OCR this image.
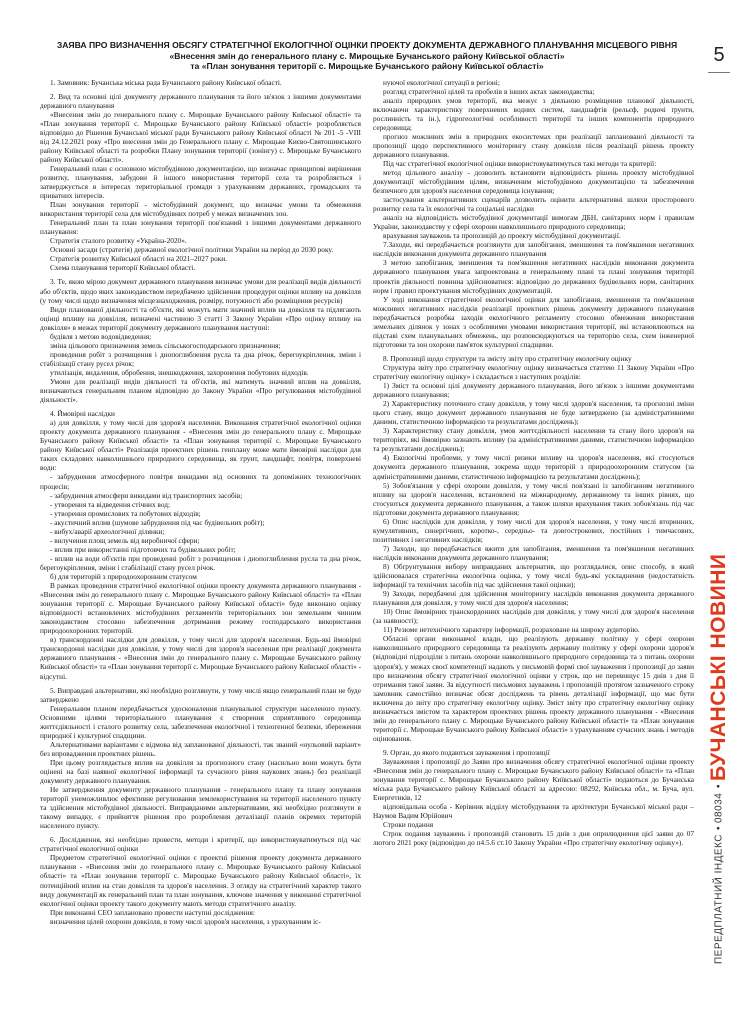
5
ПЕРЕДПЛАТНИЙ ІНДЕКС
•
08034
•
БУЧАНСЬКІ НОВИНИ
ЗАЯВА ПРО ВИЗНАЧЕННЯ ОБСЯГУ СТРАТЕГІЧНОЇ ЕКОЛОГІЧНОЇ ОЦІНКИ ПРОЕКТУ ДОКУМЕНТА ДЕРЖАВНОГО ПЛАНУВАННЯ МІСЦЕВОГО РІВНЯ
«Внесення змін до генерального плану с. Мирощьке Бучанського району Київської області»
та «План зонування території с. Мирощьке Бучанського району Київської області»

1. Замовник: Бучанська міська рада Бучанського району Київської області.

2. Вид та основні цілі документу державного планування та його зв'язок з іншими документами державного планування

«Внесення змін до генерального плану с. Мирощьке Бучанського району Київської області» та «План зонування території с. Мирощьке Бучанського району Київської області» розробляється відповідно до Рішення Бучанської міської ради Бучанського району Київської області № 201 -5 -VIII від 24.12.2021 року «Про внесення змін до Генерального плану с. Мирощьке Києво-Святошинського району Київської області та розробки Плану зонування території (зонінгу) с. Мирощьке Бучанського району Київської області».

Генеральний план є основною містобудівною документацією, що визначає принципові вирішення розвитку, планування, забудови й іншого використання території села та розробляється і затверджується в інтересах територіальної громади з урахуванням державних, громадських та приватних інтересів.

План зонування території - містобудівний документ, що визначає умови та обмеження використання території села для містобудівних потреб у межах визначених зон.

Генеральний план та план зонування території пов'язаний з іншими документами державного планування:

Стратегія сталого розвитку «Україна-2020».

Основні засади (стратегія) державної екологічної політики України на період до 2030 року.

Стратегія розвитку Київської області на 2021–2027 роки.

Схема планування території Київської області.

3. Те, якою мірою документ державного планування визначає умови для реалізації видів діяльності або об'єктів, щодо яких законодавством передбачено здійснення процедури оцінки впливу на довкілля (у тому числі щодо визначення місцезнаходження, розміру, потужності або розміщення ресурсів)

Види планованої діяльності та об'єкти, які можуть мати значний вплив на довкілля та підлягають оцінці впливу на довкілля, визначені частиною 3 статті 3 Закону України «Про оцінку впливу на довкілля» в межах території документу державного планування наступні:

будівля з метою водовідведення;

зміна цільового призначення земель сільськогосподарського призначення;

проведення робіт з розчищення і днопоглиблення русла та дна річок, берегоукріплення, зміни і стабілізації стану русел річок;

утилізація, видалення, обробення, знешкодження, захоронення побутових відходів.

Умови для реалізації видів діяльності та об'єктів, які матимуть значний вплив на довкілля, визначаються генеральним планом відповідно до Закону України «Про регулювання містобудівної діяльності».

4. Ймовірні наслідки

а) для довкілля, у тому числі для здоров'я населення. Виконання стратегічної екологічної оцінки проекту документа державного планування - «Внесення змін до генерального плану с. Мирощьке Бучанського району Київської області» та «План зонування території с. Мирощьке Бучанського району Київської області» Реалізація проектних рішень генплану може мати ймовірні наслідки для таких складових навколишнього природного середовища, як грунт, ландшафт, повітря, поверхневі води:

- забруднення атмосферного повітря викидами від основних та допоміжних технологічних процесів;

- забруднення атмосфери викидами від транспортних засобів;

- утворення та відведення стічних вод;

- утворення промислових та побутових відходів;

- акустичний вплив (шумове забруднення під час будівельних робіт);

- вибух/аварії археологічної ділянки;

- вилучення площ земель від виробничої сфери;

- вплив при використанні підготовчих та будівельних робіт;

- вплив на води об'єктів при проведенні робіт з розчищення і днопоглиблення русла та дна річок, берегоукріплення, зміни і стабілізації стану русел річок.

б) для територій з природоохоронним статусом

В рамках проведення стратегічної екологічної оцінки проекту документа державного планування - «Внесення змін до генерального плану с. Мирощьке Бучанського району Київської області» та «План зонування території с. Мирощьке Бучанського району Київської області» буде виконано оцінку відповідності встановлених містобудівних регламентів територіальних зон земельним чинним законодавством стосовно забезпечення дотримання режиму господарського використання природоохоронних територій.

в) транскордонні наслідки для довкілля, у тому числі для здоров'я населення. Будь-які ймовірні транскордонні наслідки для довкілля, у тому числі для здоров'я населення при реалізації документа державного планування - «Внесення змін до генерального плану с. Мирощьке Бучанського району Київської області» та «План зонування території с. Мирощьке Бучанського району Київської області» - відсутні.

5. Виправдані альтернативи, які необхідно розглянути, у тому числі якщо генеральний план не буде затверджено

Генеральним планом передбачається удосконалення планувальної структури населеного пункту. Основними цілями територіального планування є створення сприятливого середовища життєдіяльності і сталого розвитку села, забезпечення екологічної і техногенної безпеки, збереження природної і культурної спадщини.

Альтернативами варіантами є відмова від запланованої діяльності, так званий «нульовий варіант» без впровадження проектних рішень.

При цьому розглядається вплив на довкілля за прогнозного стану (насильно вони можуть бути оцінені на базі наявної екологічної інформації та сучасного рівня наукових знань) без реалізації документу державного планування.

Не затвердження документу державного планування - генерального плану та плану зонування території унеможливлює ефективне регулювання землекористування на території населеного пункту та здійснення містобудівної діяльності. Виправданими альтернативами, які необхідно розглянути в такому випадку, є прийняття рішення про розроблення деталізації планів окремих територій населеного пункту.

6. Дослідження, які необхідно провести, методи і критерії, що використовуватимуться під час стратегічної екологічної оцінки

Предметом стратегічної екологічної оцінки є проектні рішення проекту документа державного планування - «Внесення змін до генерального плану с. Мирощьке Бучанського району Київської області» та «План зонування території с. Мирощьке Бучанського району Київської області», їх потенційний вплив на стан довкілля та здоров'я населення. З огляду на стратегічний характер такого виду документації як генеральний план та план зонування, ключове значення у виконанні стратегічної екологічної оцінки проекту такого документу мають методи стратегічного аналізу.

При виконанні СЕО заплановано провести наступні дослідження:

визначення цілей охорони довкілля, в тому числі здоров'я населення, з урахуванням іс-

нуючої екологічної ситуації в регіоні;

розгляд стратегічної цілей та пробелів в інших актах законодавства;

аналіз природних умов території, яка межує з діяльною розміщення планової діяльності, включаючи характеристику поверхневих водних систем, ландшафтів (рельєф, родючі ґрунти, рослинність та ін.), гідрогеологічні особливості території та інших компонентів природного середовища;

прогноз можливих змін в природних екосистемах при реалізації запланованої діяльності та пропозиції щодо перспективного моніторингу стану довкілля після реалізації рішень проекту державного планування.

Під час стратегічної екологічної оцінки використовуватимуться такі методи та критерії:

метод цільового аналізу - дозволить встановити відповідність рішень проекту містобудівної документації містобудівним цілям, визначеним містобудівною документацією та забезпечення безпечного для здоров'я населення середовища існування;

застосування альтернативних сценаріїв дозволить оцінити альтернативні шляхи просторового розвитку села та їх екологічні та соціальні наслідки

аналіз на відповідність містобудівної документації вимогам ДБН, санітарних норм і правилам України, законодавству у сфері охорони навколишнього природного середовища;

врахування зауважень та пропозицій до проекту містобудівної документації.

7.Заходи, які передбачається розглянути для запобігання, зменшення та пом'якшення негативних наслідків виконання документа державного планування

З метою запобігання, зменшення та пом'якшення негативних наслідків виконання документа державного планування увага запроектована в генеральному плані та плані зонування території проектів діяльності повинна здійснюватися: відповідно до державних будівельних норм, санітарних норм і правил проектування містобудівних документацій.

У ході виконання стратегічної екологічної оцінки для запобігання, зменшення та пом'якшення можливих негативних наслідків реалізації проектних рішень документу державного планування передбачається розробка заходів екологічного регламенту стосовно обмеження використання земельних ділянок у зонах з особливими умовами використання території, які встановлюються на підставі схем планувальних обмежень, що розповсюджуються на територію села, схем інженерної підготовки та зон охорони пам'яток культурної спадщини.

8. Пропозиції щодо структури та змісту звіту про стратегічну екологічну оцінку

Структура звіту про стратегічну екологічну оцінку визначається статтею 11 Закону України «Про стратегічну екологічну оцінку» і складається з наступних розділів:

1) Зміст та основні цілі документу державного планування, його зв'язок з іншими документами державного планування;

2) Характеристику поточного стану довкілля, у тому числі здоров'я населення, та прогнозні зміни цього стану, якщо документ державного планування не буде затверджено (за адміністративними даними, статистичною інформацією та результатами досліджень);

3) Характеристику стану довкілля, умов життєдіяльності населення та стану його здоров'я на територіях, які ймовірно зазнають впливу (за адміністративними даними, статистичною інформацією та результатами досліджень);

4) Екологічні проблеми, у тому числі ризики впливу на здоров'я населення, які стосуються документа державного планування, зокрема щодо територій з природоохоронним статусом (за адміністративними даними, статистичною інформацією та результатами досліджень);

5) Зобов'язання у сфері охорони довкілля, у тому числі пов'язані із запобіганням негативного впливу на здоров'я населення, встановлені на міжнародному, державному та інших рівнях, що стосуються документа державного планування, а також шляхи врахування таких зобов'язань під час підготовки документа державного планування;

6) Опис наслідків для довкілля, у тому числі для здоров'я населення, у тому числі вторинних, кумулятивних, синергічних, коротко-, середньо- та довгострокових, постійних і тимчасових, позитивних і негативних наслідків;

7) Заходи, що передбачається вжити для запобігання, зменшення та пом'якшення негативних наслідків виконання документа державного планування;

8) Обґрунтування вибору виправданих альтернатив, що розглядалися, опис способу, в який здійснювалася стратегічна екологічна оцінка, у тому числі будь-які ускладнення (недостатність інформації та технічних засобів під час здійснення такої оцінки);

9) Заходи, передбачені для здійснення моніторингу наслідків виконання документа державного планування для довкілля, у тому числі для здоров'я населення;

10) Опис ймовірних транскордонних наслідків для довкілля, у тому числі для здоров'я населення (за наявності);

11) Резюме нетехнічного характеру інформації, розраховане на широку аудиторію.

Обласні органи виконавчої влади, що реалізують державну політику у сфері охорони навколишнього природного середовища та реалізують державну політику у сфері охорони здоров'я (відповідні підрозділи з питань охорони навколишнього природного середовища та з питань охорони здоров'я), у межах своєї компетенції надають у письмовій формі свої зауваження і пропозиції до заяви про визначення обсягу стратегічної екологічної оцінки у строк, що не перевищує 15 днів з дня її отримання такої заяви. За відсутності письмових зауважень і пропозицій протягом зазначеного строку замовник самостійно визначає обсяг досліджень та рівень деталізації інформації, що має бути включена до звіту про стратегічну екологічну оцінку. Зміст звіту про стратегічну екологічну оцінку визначається змістом та характером проектних рішень проекту державного планування - «Внесення змін до генерального плану с. Мирощьке Бучанського району Київської області» та «План зонування території с. Мирощьке Бучанського району Київської області» з урахуванням сучасних знань і методів оцінювання.

9. Орган, до якого подаються зауваження і пропозиції

Зауваження і пропозиції до Заяви про визначення обсягу стратегічної екологічної оцінки проекту «Внесення змін до генерального плану с. Мирощьке Бучанського району Київської області» та «План зонування території с. Мирощьке Бучанського району Київської області» подаються до Бучанська міська рада Бучанського району Київської області за адресою: 08292, Київська обл., м. Буча, вул. Енергетиків, 12

відповідальна особа - Керівник відділу містобудування та архітектури Бучанської міської ради – Наумов Вадим Юрійович

Строки подання

Строк подання зауважень і пропозицій становить 15 днів з дня оприлюднення цієї заяви до 07 лютого 2021 року (відповідно до п4.5.6 ст.10 Закону України «Про стратегічну екологічну оцінку»).
